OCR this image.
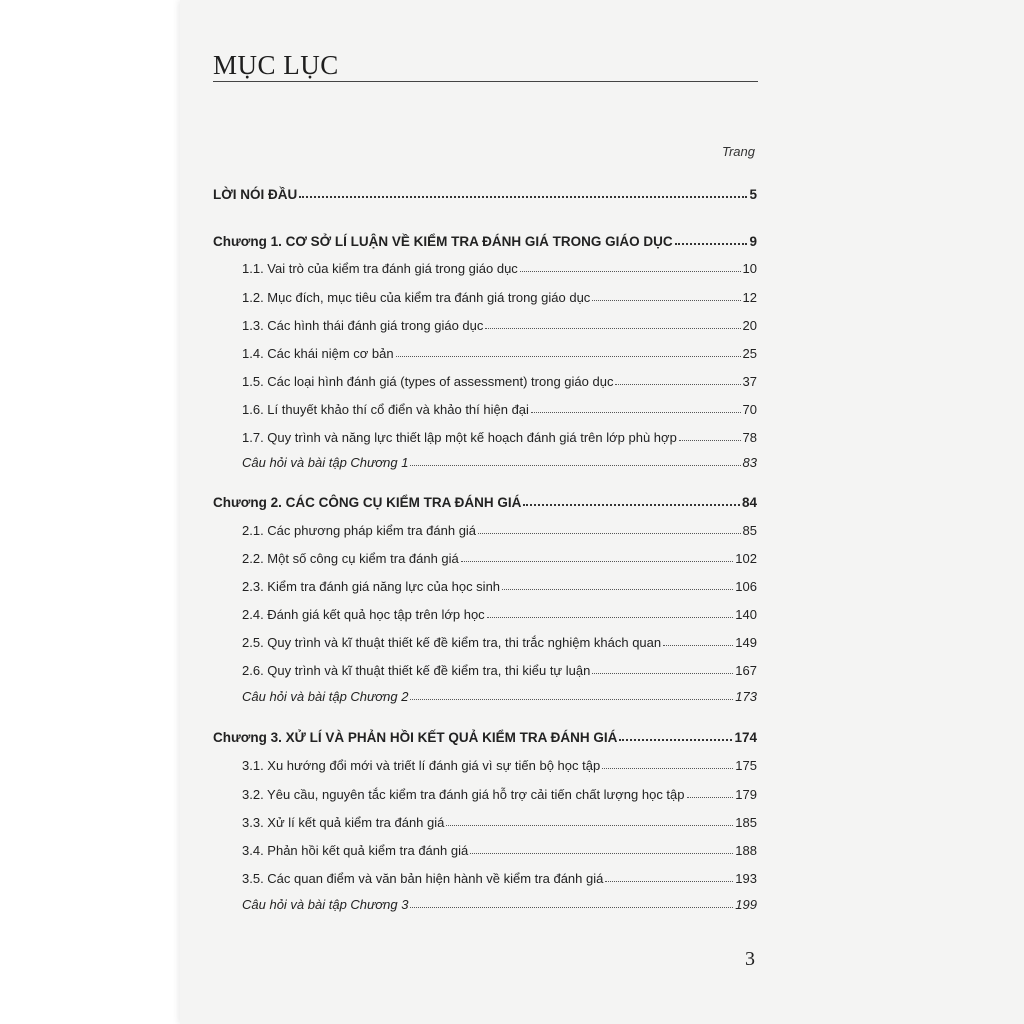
MỤC LỤC
Trang
LỜI NÓI ĐẦU	5
Chương 1. CƠ SỞ LÍ LUẬN VỀ KIỂM TRA ĐÁNH GIÁ TRONG GIÁO DỤC	9
1.1. Vai trò của kiểm tra đánh giá trong giáo dục	10
1.2. Mục đích, mục tiêu của kiểm tra đánh giá trong giáo dục	12
1.3. Các hình thái đánh giá trong giáo dục	20
1.4. Các khái niệm cơ bản	25
1.5. Các loại hình đánh giá (types of assessment) trong giáo dục	37
1.6. Lí thuyết khảo thí cổ điển và khảo thí hiện đại	70
1.7. Quy trình và năng lực thiết lập một kế hoạch đánh giá trên lớp phù hợp	78
Câu hỏi và bài tập Chương 1	83
Chương 2. CÁC CÔNG CỤ KIỂM TRA ĐÁNH GIÁ	84
2.1. Các phương pháp kiểm tra đánh giá	85
2.2. Một số công cụ kiểm tra đánh giá	102
2.3. Kiểm tra đánh giá năng lực của học sinh	106
2.4. Đánh giá kết quả học tập trên lớp học	140
2.5. Quy trình và kĩ thuật thiết kế đề kiểm tra, thi trắc nghiệm khách quan	149
2.6. Quy trình và kĩ thuật thiết kế đề kiểm tra, thi kiểu tự luận	167
Câu hỏi và bài tập Chương 2	173
Chương 3. XỬ LÍ VÀ PHẢN HỒI KẾT QUẢ KIỂM TRA ĐÁNH GIÁ	174
3.1. Xu hướng đổi mới và triết lí đánh giá vì sự tiến bộ học tập	175
3.2. Yêu cầu, nguyên tắc kiểm tra đánh giá hỗ trợ cải tiến chất lượng học tập	179
3.3. Xử lí kết quả kiểm tra đánh giá	185
3.4. Phản hồi kết quả kiểm tra đánh giá	188
3.5. Các quan điểm và văn bản hiện hành về kiểm tra đánh giá	193
Câu hỏi và bài tập Chương 3	199
3
